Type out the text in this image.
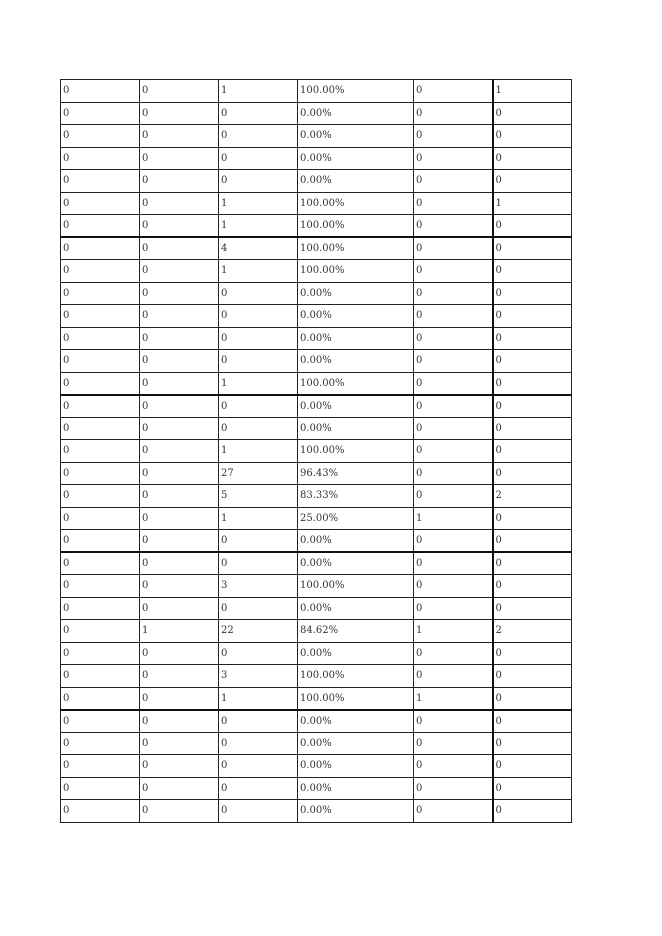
0	0	1	100.00%	0	1
0	0	0	0.00%	0	0
0	0	0	0.00%	0	0
0	0	0	0.00%	0	0
0	0	0	0.00%	0	0
0	0	1	100.00%	0	1
0	0	1	100.00%	0	0
0	0	4	100.00%	0	0
0	0	1	100.00%	0	0
0	0	0	0.00%	0	0
0	0	0	0.00%	0	0
0	0	0	0.00%	0	0
0	0	0	0.00%	0	0
0	0	1	100.00%	0	0
0	0	0	0.00%	0	0
0	0	0	0.00%	0	0
0	0	1	100.00%	0	0
0	0	27	96.43%	0	0
0	0	5	83.33%	0	2
0	0	1	25.00%	1	0
0	0	0	0.00%	0	0
0	0	0	0.00%	0	0
0	0	3	100.00%	0	0
0	0	0	0.00%	0	0
0	1	22	84.62%	1	2
0	0	0	0.00%	0	0
0	0	3	100.00%	0	0
0	0	1	100.00%	1	0
0	0	0	0.00%	0	0
0	0	0	0.00%	0	0
0	0	0	0.00%	0	0
0	0	0	0.00%	0	0
0	0	0	0.00%	0	0
